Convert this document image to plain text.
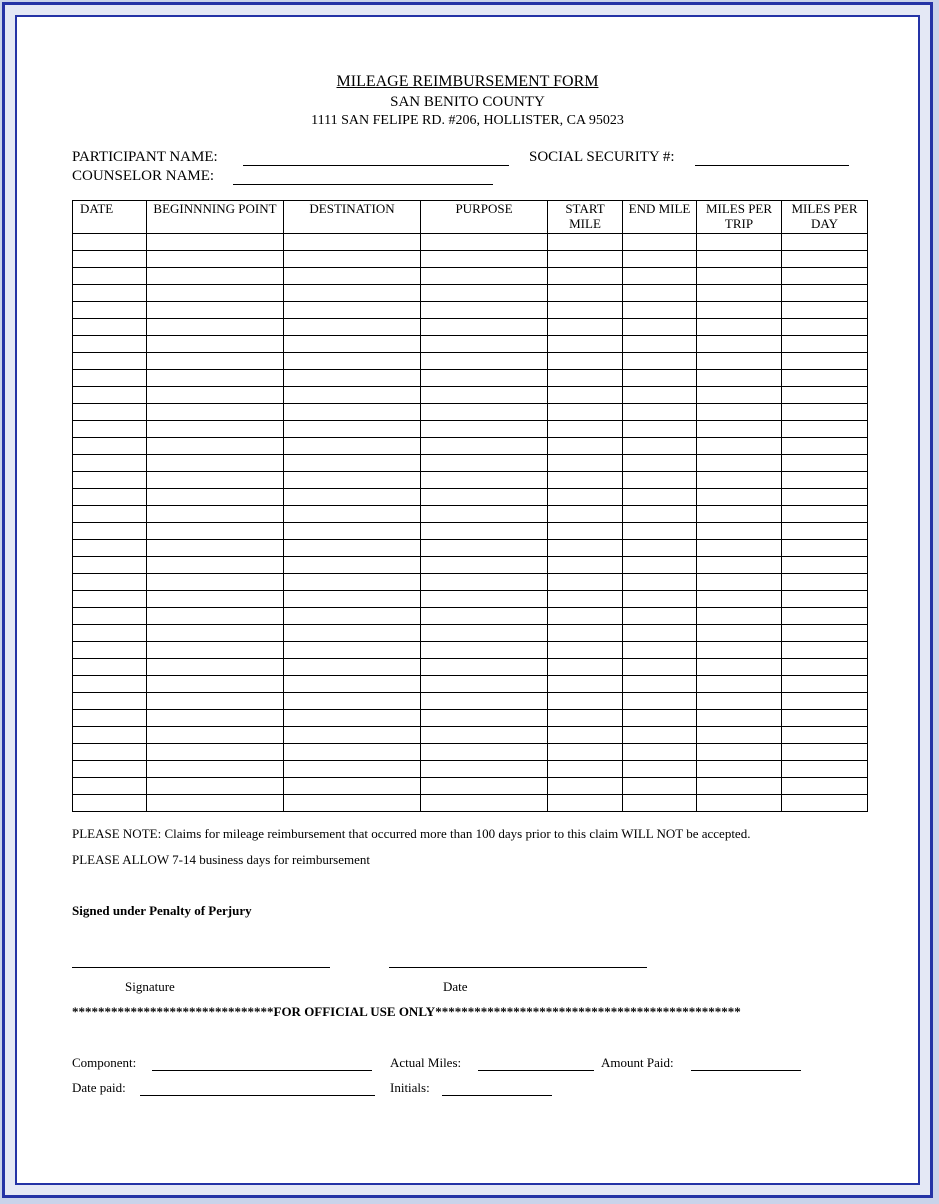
MILEAGE REIMBURSEMENT FORM
SAN BENITO COUNTY
1111 SAN FELIPE RD. #206, HOLLISTER, CA 95023
PARTICIPANT NAME:	SOCIAL SECURITY #:
COUNSELOR NAME:
DATE	BEGINNNING POINT	DESTINATION	PURPOSE	START MILE	END MILE	MILES PER TRIP	MILES PER DAY

PLEASE NOTE: Claims for mileage reimbursement that occurred more than 100 days prior to this claim WILL NOT be accepted.
PLEASE ALLOW 7-14 business days for reimbursement
Signed under Penalty of Perjury
Signature	Date
*******************************FOR OFFICIAL USE ONLY***********************************************
Component:	Actual Miles:	Amount Paid:
Date paid:	Initials:
